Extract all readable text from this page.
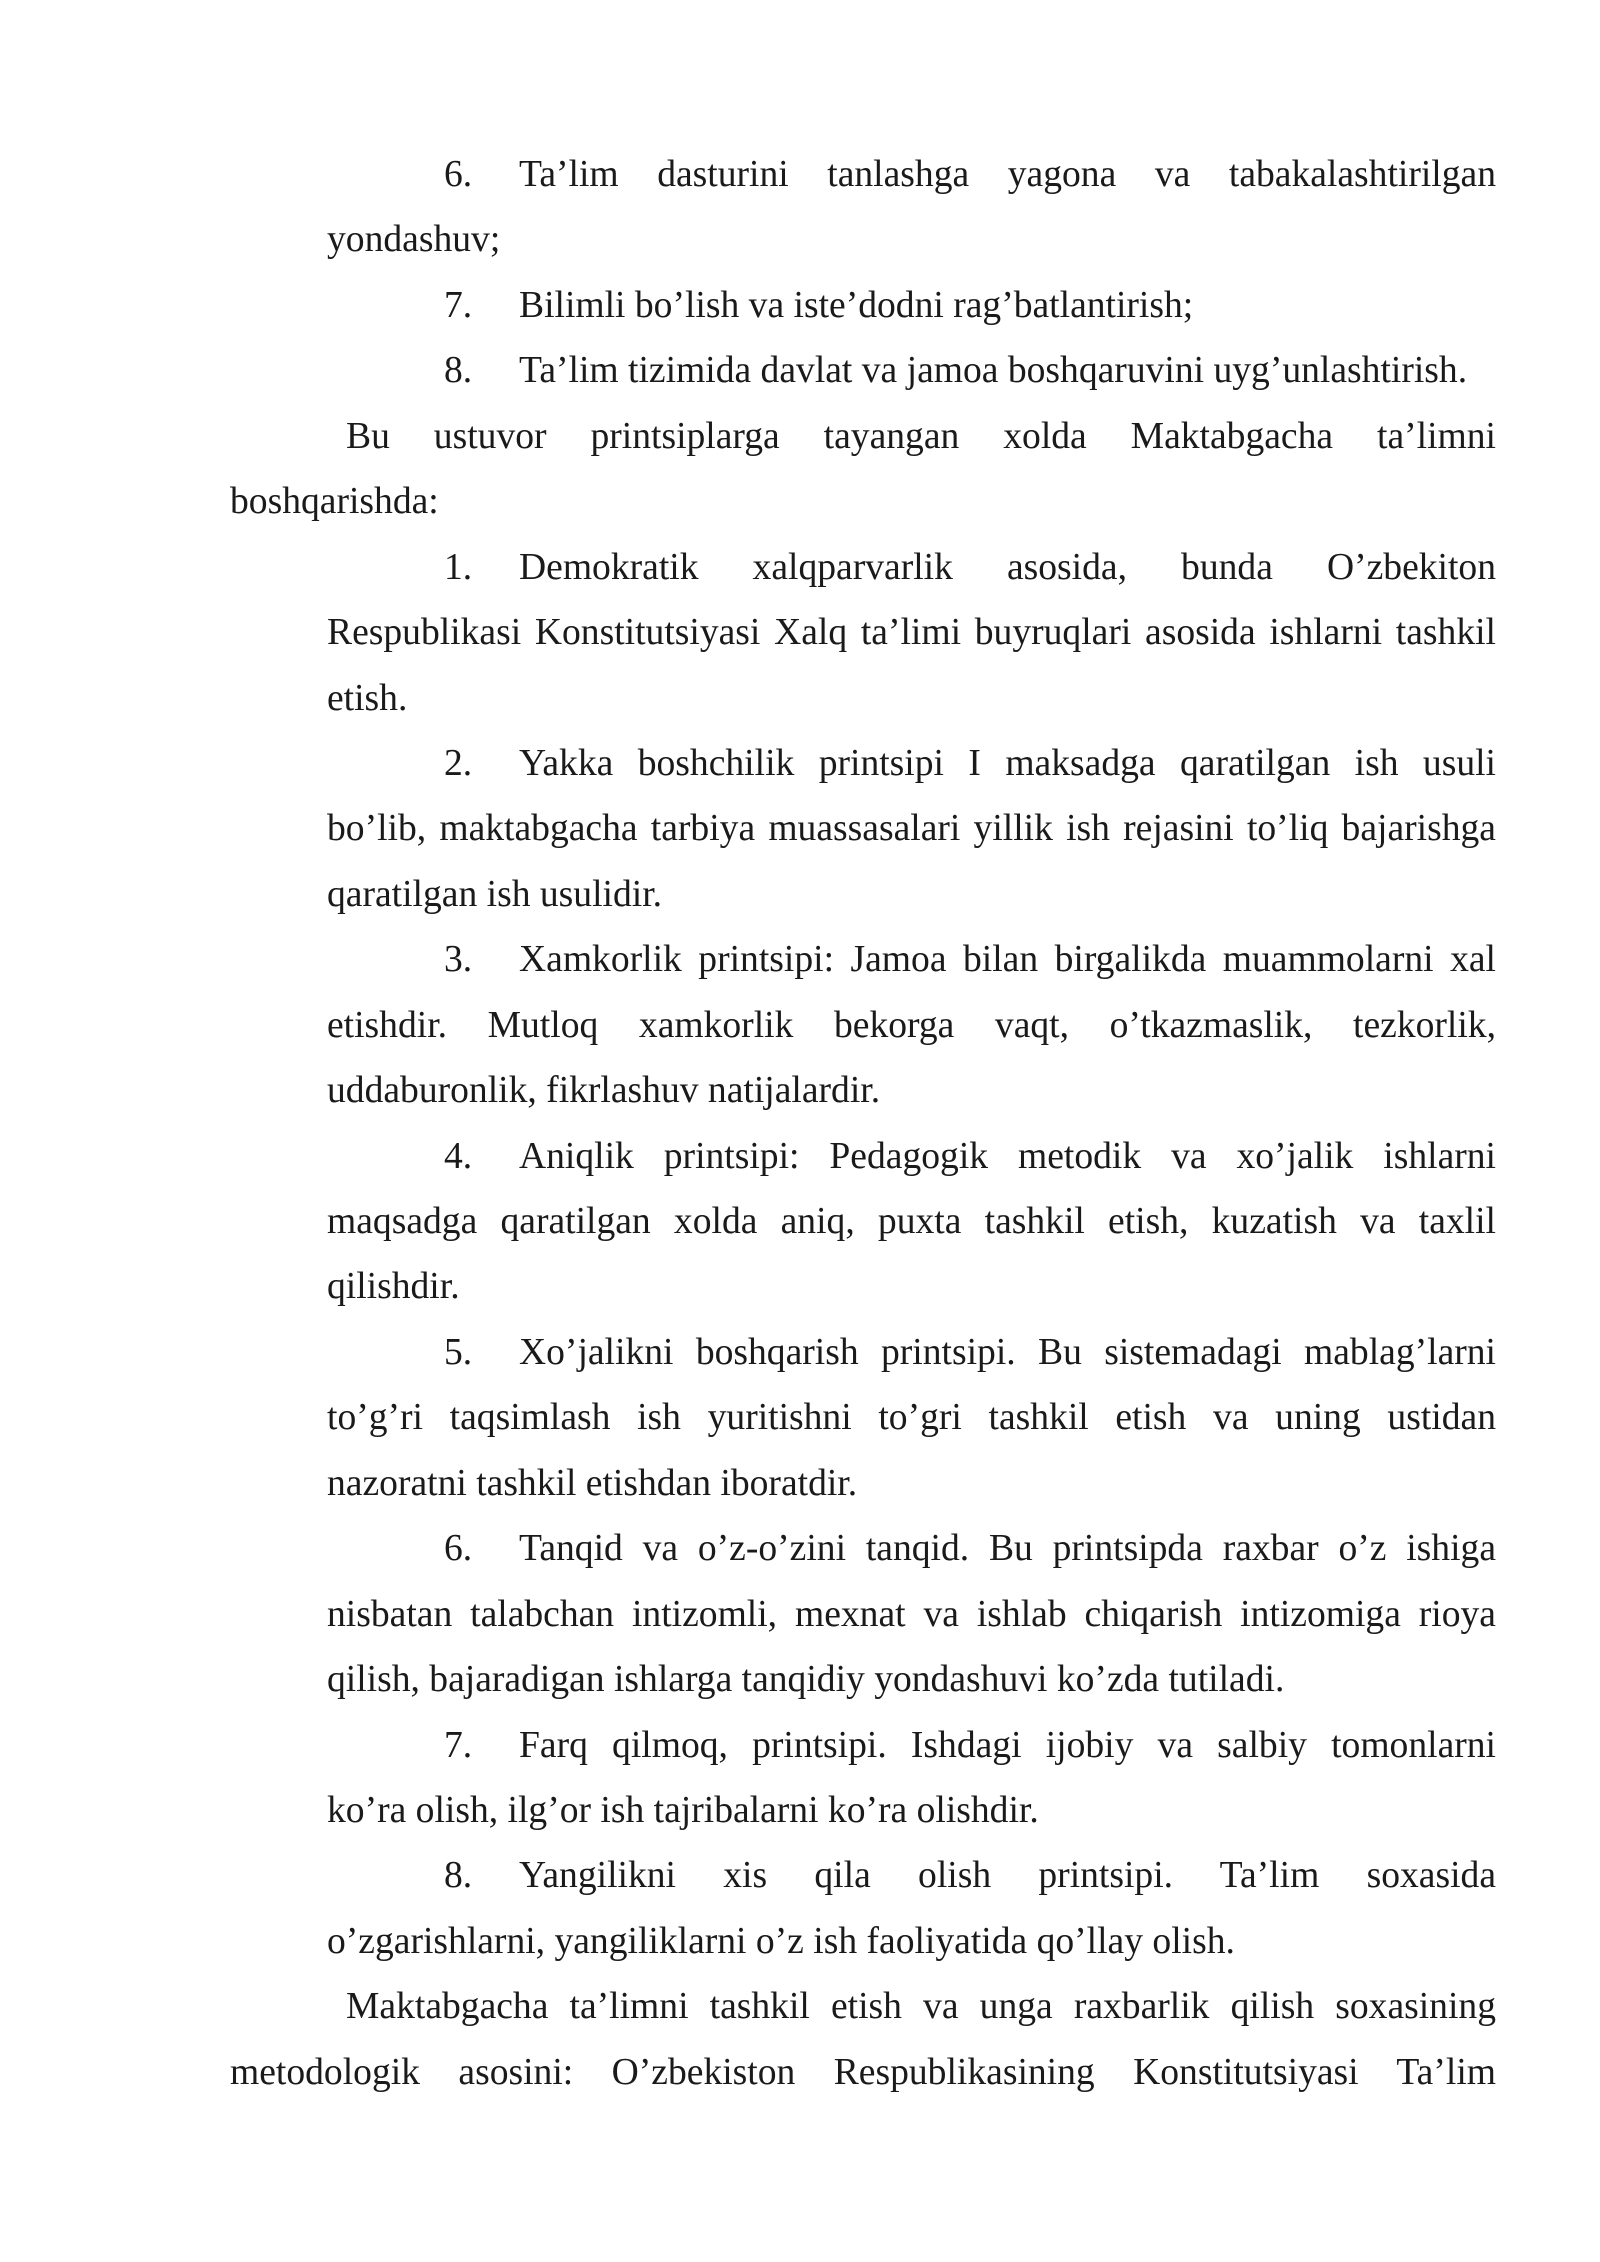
6.	Ta’lim dasturini tanlashga yagona va tabakalashtirilgan
yondashuv;
7.	Bilimli bo’lish va iste’dodni rag’batlantirish;
8.	Ta’lim tizimida davlat va jamoa boshqaruvini uyg’unlashtirish.
Bu ustuvor printsiplarga tayangan xolda Maktabgacha ta’limni
boshqarishda:
1.	Demokratik xalqparvarlik asosida, bunda O’zbekiton
Respublikasi Konstitutsiyasi Xalq ta’limi buyruqlari asosida ishlarni tashkil
etish.
2.	Yakka boshchilik printsipi I maksadga qaratilgan ish usuli
bo’lib, maktabgacha tarbiya muassasalari yillik ish rejasini to’liq bajarishga
qaratilgan ish usulidir.
3.	Xamkorlik printsipi: Jamoa bilan birgalikda muammolarni xal
etishdir. Mutloq xamkorlik bekorga vaqt, o’tkazmaslik, tezkorlik,
uddaburonlik, fikrlashuv natijalardir.
4.	Aniqlik printsipi: Pedagogik metodik va xo’jalik ishlarni
maqsadga qaratilgan xolda aniq, puxta tashkil etish, kuzatish va taxlil
qilishdir.
5.	Xo’jalikni boshqarish printsipi. Bu sistemadagi mablag’larni
to’g’ri taqsimlash ish yuritishni to’gri tashkil etish va uning ustidan
nazoratni tashkil etishdan iboratdir.
6.	Tanqid va o’z-o’zini tanqid. Bu printsipda raxbar o’z ishiga
nisbatan talabchan intizomli, mexnat va ishlab chiqarish intizomiga rioya
qilish, bajaradigan ishlarga tanqidiy yondashuvi ko’zda tutiladi.
7.	Farq qilmoq, printsipi. Ishdagi ijobiy va salbiy tomonlarni
ko’ra olish, ilg’or ish tajribalarni ko’ra olishdir.
8.	Yangilikni xis qila olish printsipi. Ta’lim soxasida
o’zgarishlarni, yangiliklarni o’z ish faoliyatida qo’llay olish.
Maktabgacha ta’limni tashkil etish va unga raxbarlik qilish soxasining
metodologik asosini: O’zbekiston Respublikasining Konstitutsiyasi Ta’lim
